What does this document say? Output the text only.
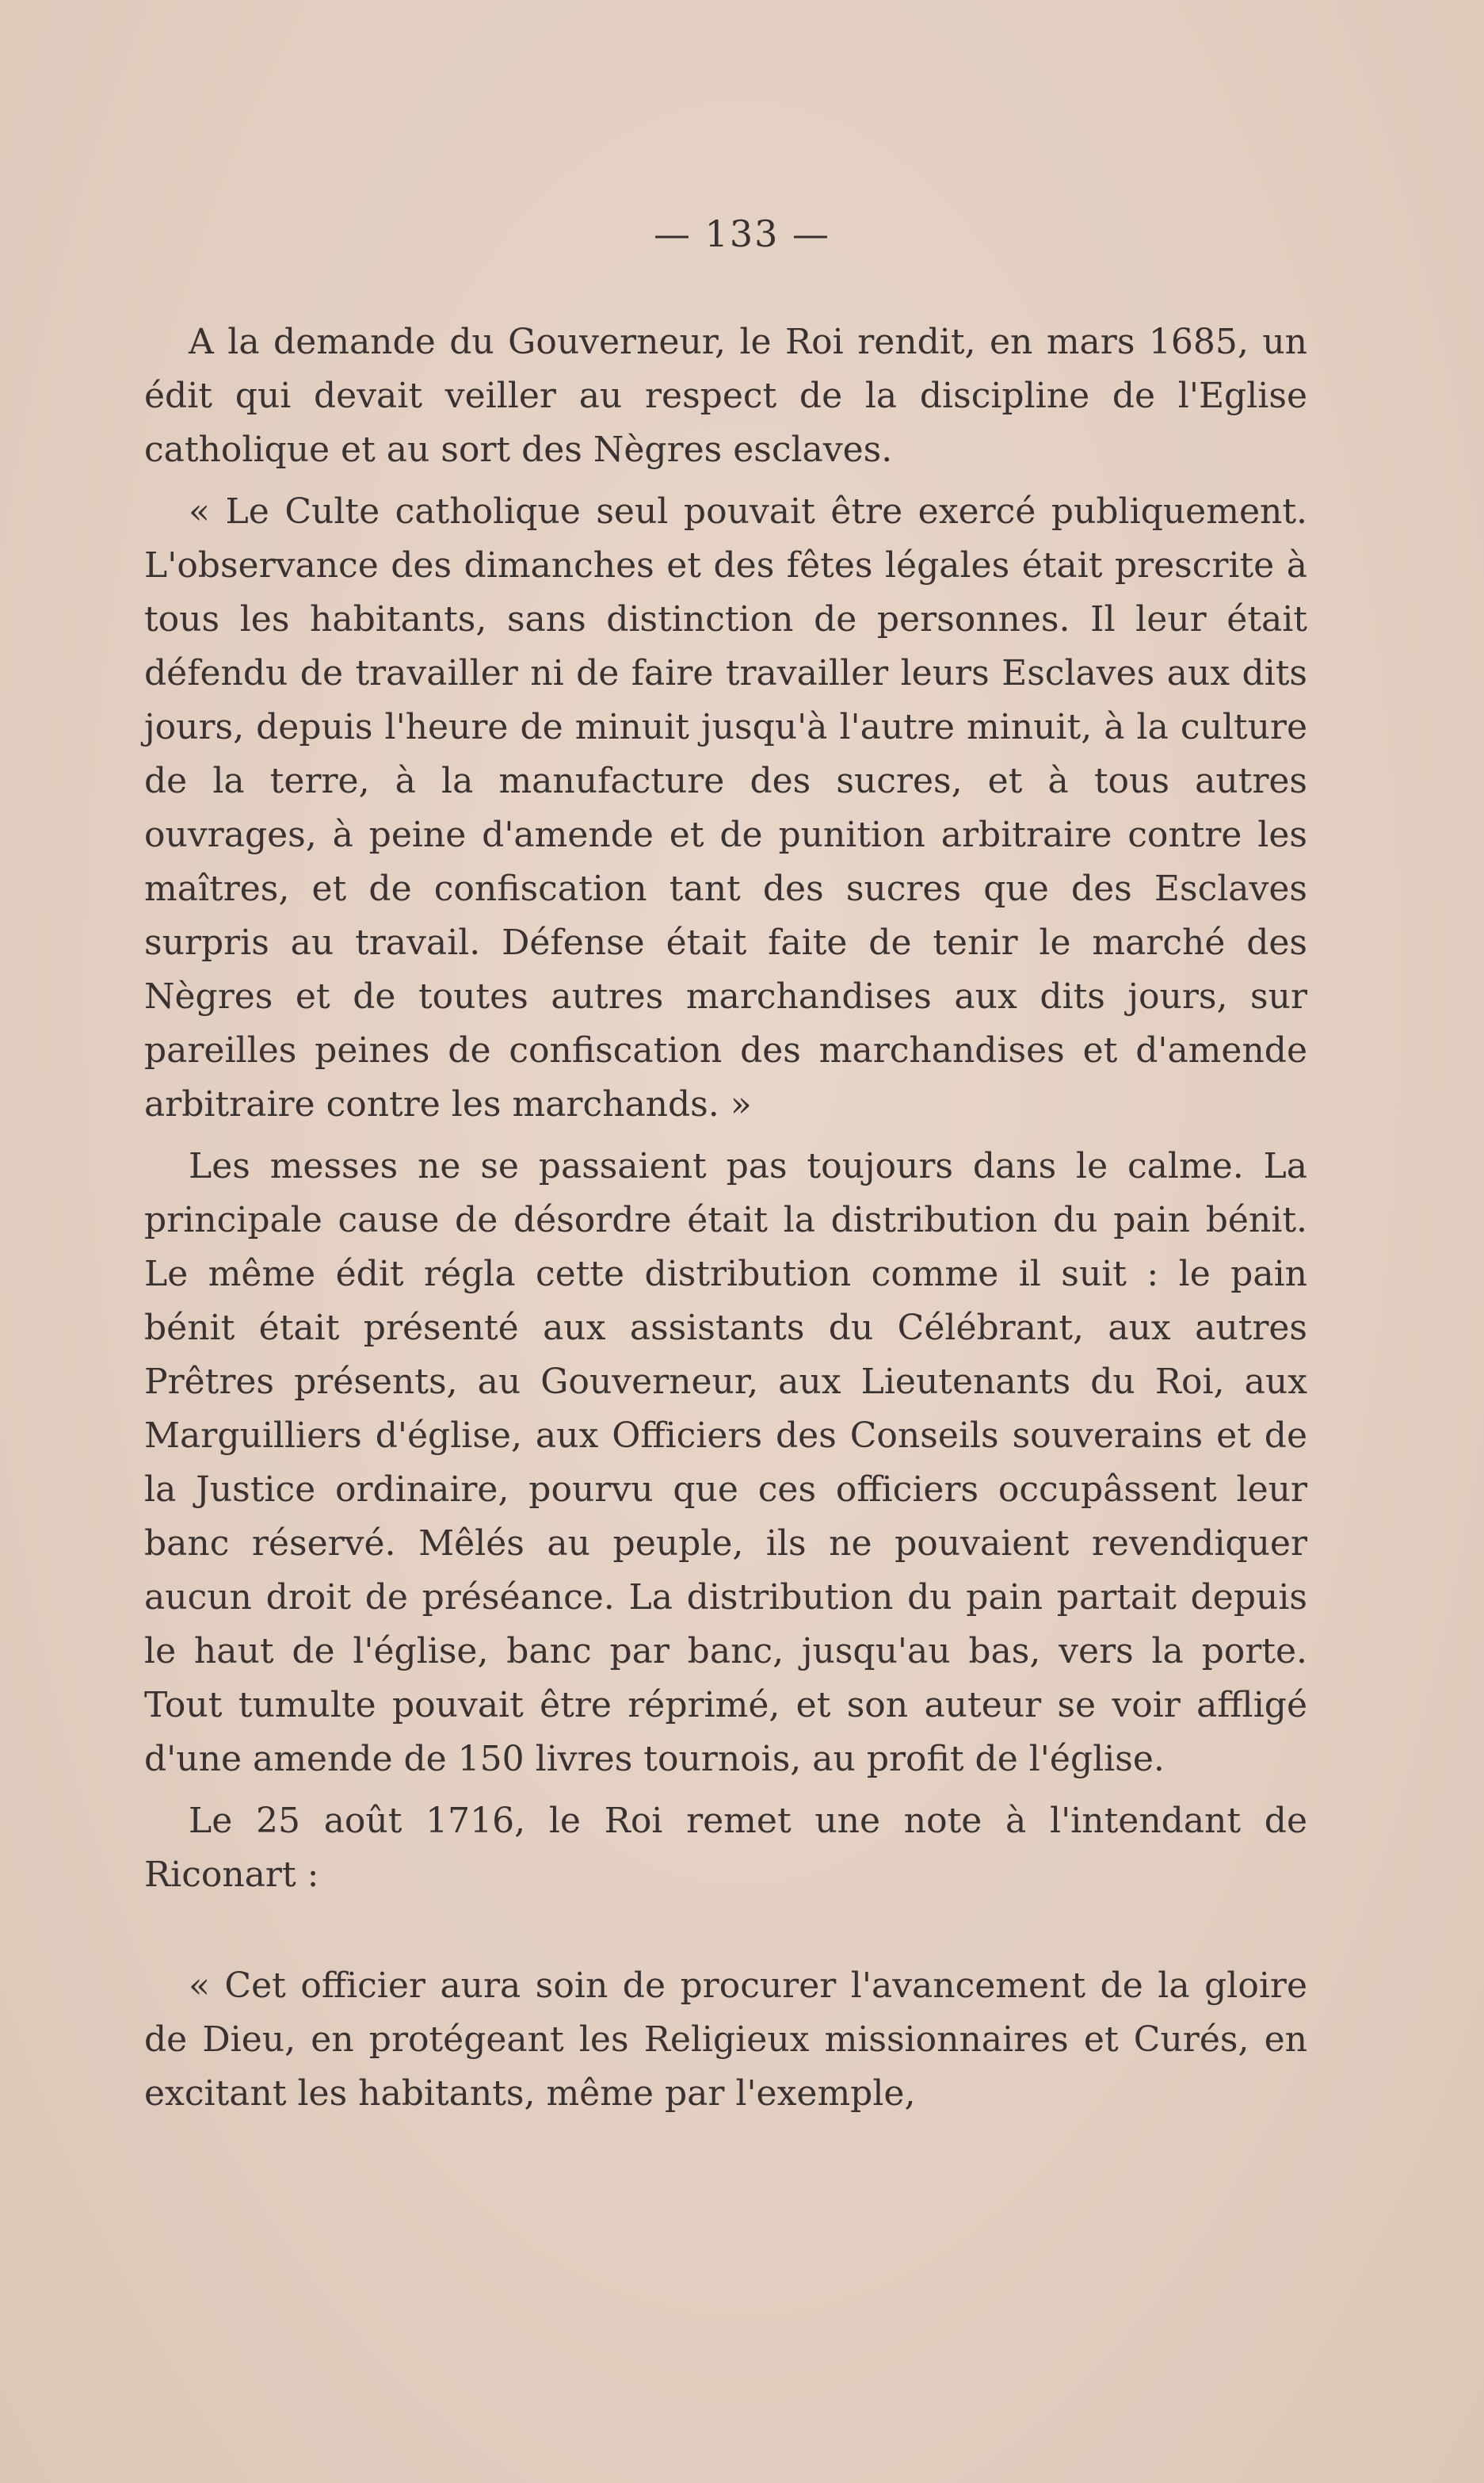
— 133 —

A la demande du Gouverneur, le Roi rendit, en mars 1685, un édit qui devait veiller au respect de la discipline de l'Eglise catholique et au sort des Nègres esclaves.

« Le Culte catholique seul pouvait être exercé publiquement. L'observance des dimanches et des fêtes légales était prescrite à tous les habitants, sans distinction de personnes. Il leur était défendu de travailler ni de faire travailler leurs Esclaves aux dits jours, depuis l'heure de minuit jusqu'à l'autre minuit, à la culture de la terre, à la manufacture des sucres, et à tous autres ouvrages, à peine d'amende et de punition arbitraire contre les maîtres, et de confiscation tant des sucres que des Esclaves surpris au travail. Défense était faite de tenir le marché des Nègres et de toutes autres marchandises aux dits jours, sur pareilles peines de confiscation des marchandises et d'amende arbitraire contre les marchands. »

Les messes ne se passaient pas toujours dans le calme. La principale cause de désordre était la distribution du pain bénit. Le même édit régla cette distribution comme il suit : le pain bénit était présenté aux assistants du Célébrant, aux autres Prêtres présents, au Gouverneur, aux Lieutenants du Roi, aux Marguilliers d'église, aux Officiers des Conseils souverains et de la Justice ordinaire, pourvu que ces officiers occupâssent leur banc réservé. Mêlés au peuple, ils ne pouvaient revendiquer aucun droit de préséance. La distribution du pain partait depuis le haut de l'église, banc par banc, jusqu'au bas, vers la porte. Tout tumulte pouvait être réprimé, et son auteur se voir affligé d'une amende de 150 livres tournois, au profit de l'église.

Le 25 août 1716, le Roi remet une note à l'intendant de Riconart :

« Cet officier aura soin de procurer l'avancement de la gloire de Dieu, en protégeant les Religieux missionnaires et Curés, en excitant les habitants, même par l'exemple,
